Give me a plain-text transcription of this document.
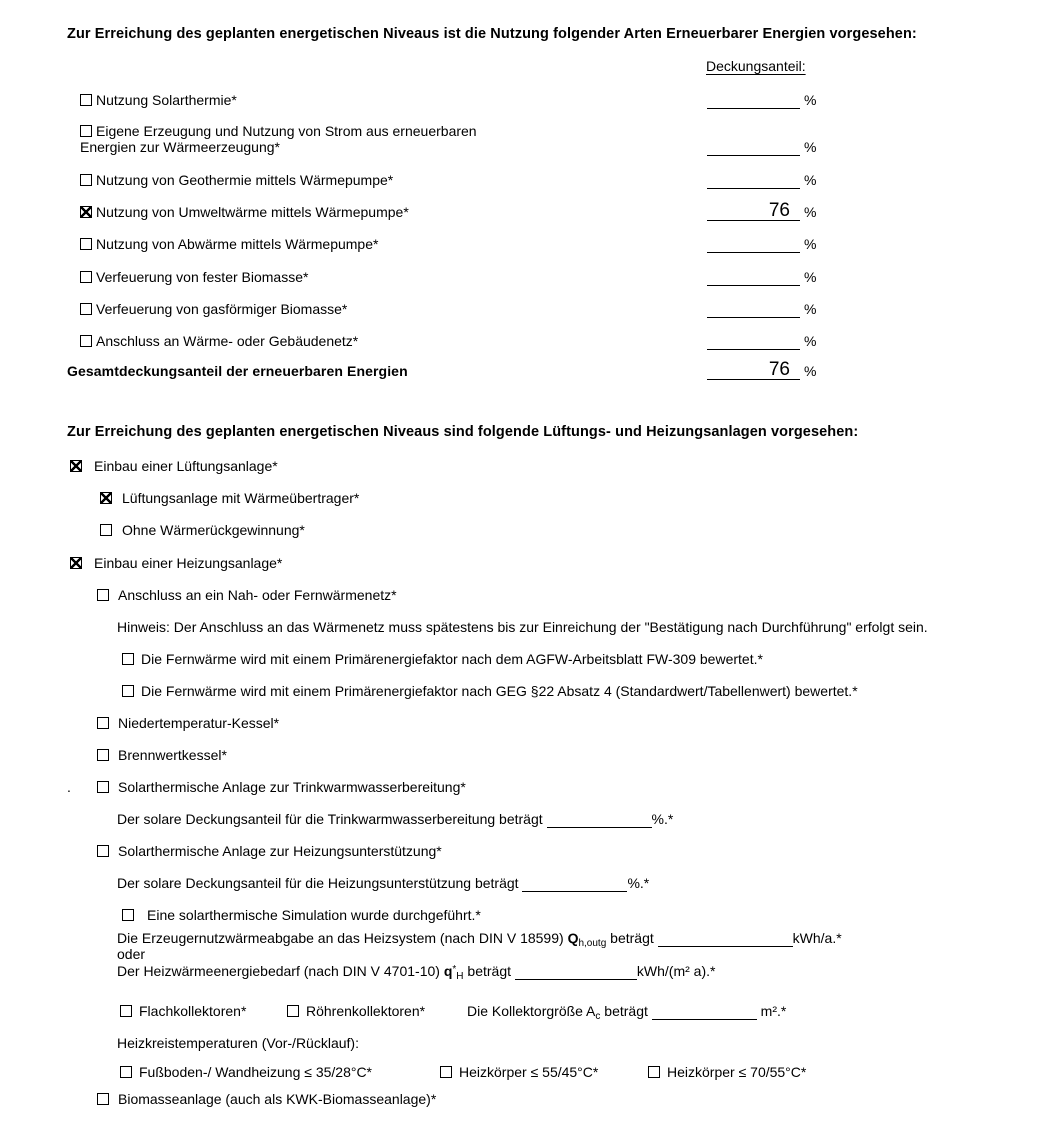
Zur Erreichung des geplanten energetischen Niveaus ist die Nutzung folgender Arten Erneuerbarer Energien vorgesehen:
Deckungsanteil:
Nutzung Solarthermie*	%
Eigene Erzeugung und Nutzung von Strom aus erneuerbaren
Energien zur Wärmeerzeugung*	%
Nutzung von Geothermie mittels Wärmepumpe*	%
Nutzung von Umweltwärme mittels Wärmepumpe*	76 %
Nutzung von Abwärme mittels Wärmepumpe*	%
Verfeuerung von fester Biomasse*	%
Verfeuerung von gasförmiger Biomasse*	%
Anschluss an Wärme- oder Gebäudenetz*	%
Gesamtdeckungsanteil der erneuerbaren Energien	76 %
Zur Erreichung des geplanten energetischen Niveaus sind folgende Lüftungs- und Heizungsanlagen vorgesehen:
Einbau einer Lüftungsanlage*
Lüftungsanlage mit Wärmeübertrager*
Ohne Wärmerückgewinnung*
Einbau einer Heizungsanlage*
Anschluss an ein Nah- oder Fernwärmenetz*
Hinweis: Der Anschluss an das Wärmenetz muss spätestens bis zur Einreichung der "Bestätigung nach Durchführung" erfolgt sein.
Die Fernwärme wird mit einem Primärenergiefaktor nach dem AGFW-Arbeitsblatt FW-309 bewertet.*
Die Fernwärme wird mit einem Primärenergiefaktor nach GEG §22 Absatz 4 (Standardwert/Tabellenwert) bewertet.*
Niedertemperatur-Kessel*
Brennwertkessel*
.	Solarthermische Anlage zur Trinkwarmwasserbereitung*
Der solare Deckungsanteil für die Trinkwarmwasserbereitung beträgt	%.*
Solarthermische Anlage zur Heizungsunterstützung*
Der solare Deckungsanteil für die Heizungsunterstützung beträgt	%.*
Eine solarthermische Simulation wurde durchgeführt.*
Die Erzeugernutzwärmeabgabe an das Heizsystem (nach DIN V 18599) $Q_{h,outg}$ beträgt	kWh/a.*
oder
Der Heizwärmeenergiebedarf (nach DIN V 4701-10) $q^*_H$ beträgt	kWh/(m² a).*
Flachkollektoren*	Röhrenkollektoren*	Die Kollektorgröße $A_c$ beträgt	m².*
Heizkreistemperaturen (Vor-/Rücklauf):
Fußboden-/ Wandheizung ≤ 35/28°C*	Heizkörper ≤ 55/45°C*	Heizkörper ≤ 70/55°C*
Biomasseanlage (auch als KWK-Biomasseanlage)*
